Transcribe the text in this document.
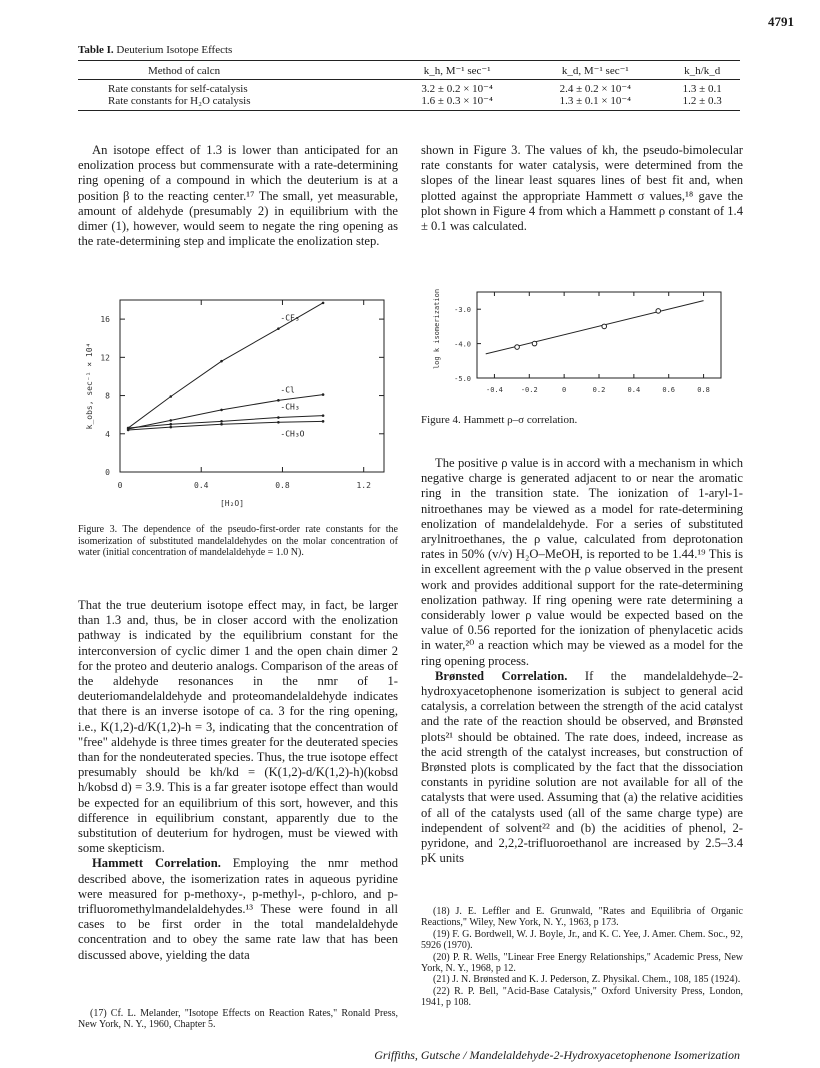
4791
Table I. Deuterium Isotope Effects
Method of calcn	k_h, M⁻¹ sec⁻¹	k_d, M⁻¹ sec⁻¹	k_h/k_d
Rate constants for self-catalysis	3.2 ± 0.2 × 10⁻⁴	2.4 ± 0.2 × 10⁻⁴	1.3 ± 0.1
Rate constants for H₂O catalysis	1.6 ± 0.3 × 10⁻⁴	1.3 ± 0.1 × 10⁻⁴	1.2 ± 0.3

An isotope effect of 1.3 is lower than anticipated for an enolization process but commensurate with a rate-determining ring opening of a compound in which the deuterium is at a position β to the reacting center.¹⁷ The small, yet measurable, amount of aldehyde (presumably 2) in equilibrium with the dimer (1), however, would seem to negate the ring opening as the rate-determining step and implicate the enolization step.

0	0.4	0.8	1.2
0
4
8
12
16
[H₂O]
k_obs, sec⁻¹ × 10⁴
-CF₃
-Cl
-CH₃
-CH₃O
Figure 3. The dependence of the pseudo-first-order rate constants for the isomerization of substituted mandelaldehydes on the molar concentration of water (initial concentration of mandelaldehyde = 1.0 N).

That the true deuterium isotope effect may, in fact, be larger than 1.3 and, thus, be in closer accord with the enolization pathway is indicated by the equilibrium constant for the interconversion of cyclic dimer 1 and the open chain dimer 2 for the proteo and deuterio analogs. Comparison of the areas of the aldehyde resonances in the nmr of 1-deuteriomandelaldehyde and proteomandelaldehyde indicates that there is an inverse isotope of ca. 3 for the ring opening, i.e., K(1,2)-d/K(1,2)-h = 3, indicating that the concentration of "free" aldehyde is three times greater for the deuterated species than for the nondeuterated species. Thus, the true isotope effect presumably should be kh/kd = (K(1,2)-d/K(1,2)-h)(kobsd h/kobsd d) = 3.9. This is a far greater isotope effect than would be expected for an equilibrium of this sort, however, and this difference in equilibrium constant, apparently due to the substitution of deuterium for hydrogen, must be viewed with some skepticism.

Hammett Correlation. Employing the nmr method described above, the isomerization rates in aqueous pyridine were measured for p-methoxy-, p-methyl-, p-chloro, and p-trifluoromethylmandelaldehydes.¹³ These were found in all cases to be first order in the total mandelaldehyde concentration and to obey the same rate law that has been discussed above, yielding the data

(17) Cf. L. Melander, "Isotope Effects on Reaction Rates," Ronald Press, New York, N. Y., 1960, Chapter 5.

shown in Figure 3. The values of kh, the pseudo-bimolecular rate constants for water catalysis, were determined from the slopes of the linear least squares lines of best fit and, when plotted against the appropriate Hammett σ values,¹⁸ gave the plot shown in Figure 4 from which a Hammett ρ constant of 1.4 ± 0.1 was calculated.

-0.4	-0.2	0	0.2	0.4	0.6	0.8
-3.0
-4.0
-5.0
log k isomerization
Figure 4. Hammett ρ–σ correlation.

The positive ρ value is in accord with a mechanism in which negative charge is generated adjacent to or near the aromatic ring in the transition state. The ionization of 1-aryl-1-nitroethanes may be viewed as a model for rate-determining enolization of mandelaldehyde. For a series of substituted arylnitroethanes, the ρ value, calculated from deprotonation rates in 50% (v/v) H₂O–MeOH, is reported to be 1.44.¹⁹ This is in excellent agreement with the ρ value observed in the present work and provides additional support for the rate-determining enolization pathway. If ring opening were rate determining a considerably lower ρ value would be expected based on the value of 0.56 reported for the ionization of phenylacetic acids in water,²⁰ a reaction which may be viewed as a model for the ring opening process.

Brønsted Correlation. If the mandelaldehyde–2-hydroxyacetophenone isomerization is subject to general acid catalysis, a correlation between the strength of the acid catalyst and the rate of the reaction should be observed, and Brønsted plots²¹ should be obtained. The rate does, indeed, increase as the acid strength of the catalyst increases, but construction of Brønsted plots is complicated by the fact that the dissociation constants in pyridine solution are not available for all of the catalysts that were used. Assuming that (a) the relative acidities of all of the catalysts used (all of the same charge type) are independent of solvent²² and (b) the acidities of phenol, 2-pyridone, and 2,2,2-trifluoroethanol are increased by 2.5–3.4 pK units

(18) J. E. Leffler and E. Grunwald, "Rates and Equilibria of Organic Reactions," Wiley, New York, N. Y., 1963, p 173.

(19) F. G. Bordwell, W. J. Boyle, Jr., and K. C. Yee, J. Amer. Chem. Soc., 92, 5926 (1970).

(20) P. R. Wells, "Linear Free Energy Relationships," Academic Press, New York, N. Y., 1968, p 12.

(21) J. N. Brønsted and K. J. Pederson, Z. Physikal. Chem., 108, 185 (1924).

(22) R. P. Bell, "Acid-Base Catalysis," Oxford University Press, London, 1941, p 108.

Griffiths, Gutsche / Mandelaldehyde-2-Hydroxyacetophenone Isomerization
